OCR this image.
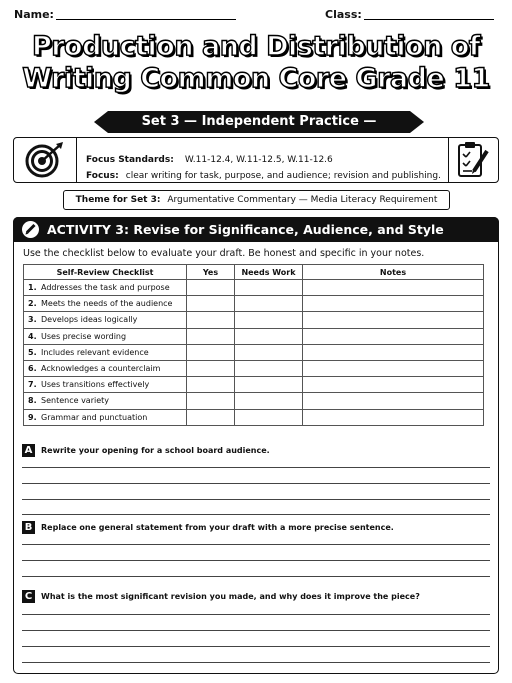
Name:	Class:
Production and Distribution of
Writing Common Core Grade 11
Set 3 — Independent Practice — Continued
Focus Standards: W.11-12.4, W.11-12.5, W.11-12.6
Focus: clear writing for task, purpose, and audience; revision and publishing.
Theme for Set 3: Argumentative Commentary — Media Literacy Requirement
ACTIVITY 3: Revise for Significance, Audience, and Style
Use the checklist below to evaluate your draft. Be honest and specific in your notes.
Self-Review Checklist	Yes	Needs Work	Notes
1. Addresses the task and purpose			
2. Meets the needs of the audience			
3. Develops ideas logically			
4. Uses precise wording			
5. Includes relevant evidence			
6. Acknowledges a counterclaim			
7. Uses transitions effectively			
8. Sentence variety			
9. Grammar and punctuation			
A	Rewrite your opening for a school board audience.
B	Replace one general statement from your draft with a more precise sentence.
C	What is the most significant revision you made, and why does it improve the piece?
